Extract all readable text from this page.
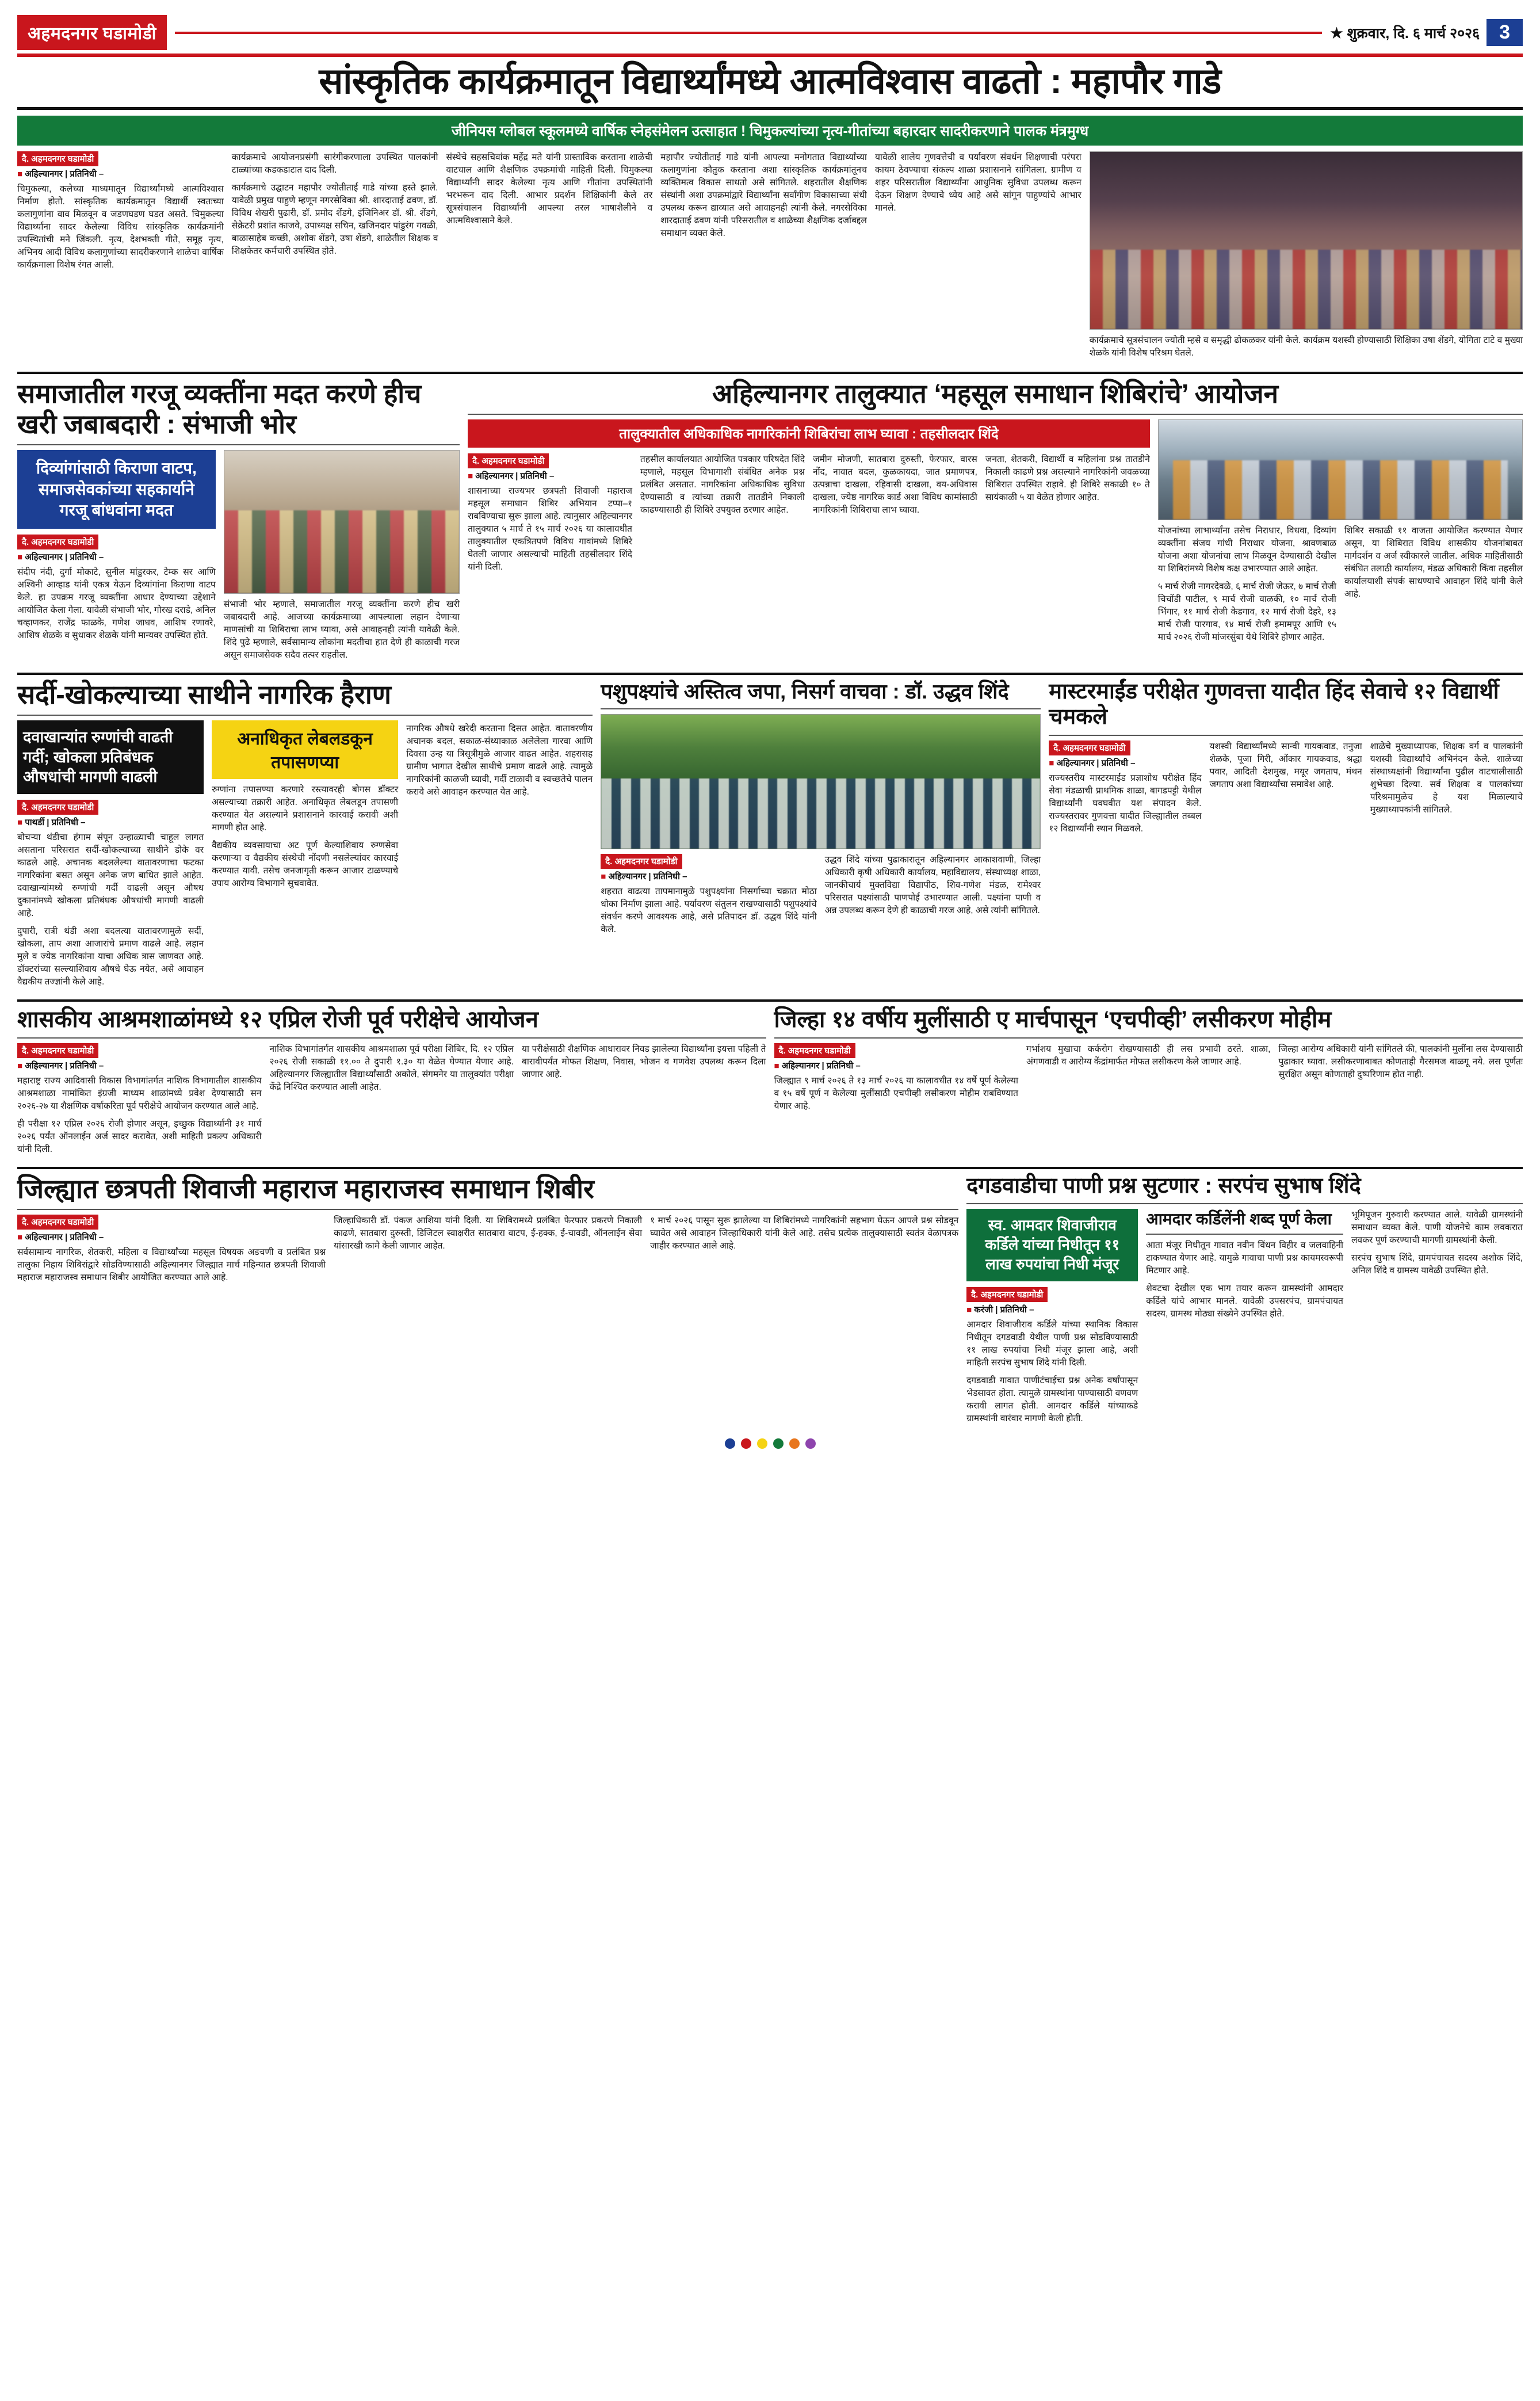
अहमदनगर घडामोडी	★ शुक्रवार, दि. ६ मार्च २०२६	3
सांस्कृतिक कार्यक्रमातून विद्यार्थ्यांमध्ये आत्मविश्वास वाढतो : महापौर गाडे
जीनियस ग्लोबल स्कूलमध्ये वार्षिक स्नेहसंमेलन उत्साहात ! चिमुकल्यांच्या नृत्य-गीतांच्या बहारदार सादरीकरणाने पालक मंत्रमुग्ध
दै. अहमदनगर घडामोडी
■ अहिल्यानगर | प्रतिनिधी –

चिमुकल्या, कलेच्या माध्यमातून विद्यार्थ्यांमध्ये आत्मविश्वास निर्माण होतो. सांस्कृतिक कार्यक्रमातून विद्यार्थी स्वतःच्या कलागुणांना वाव मिळवून व जडणघडण घडत असते. चिमुकल्या विद्यार्थ्यांना सादर केलेल्या विविध सांस्कृतिक कार्यक्रमांनी उपस्थितांची मने जिंकली. नृत्य, देशभक्ती गीते, समूह नृत्य, अभिनय आदी विविध कलागुणांच्या सादरीकरणाने शाळेचा वार्षिक कार्यक्रमाला विशेष रंगत आली.

कार्यक्रमाचे आयोजनप्रसंगी सारंगीकरणाला उपस्थित पालकांनी टाळ्यांच्या कडकडाटात दाद दिली.

कार्यक्रमाचे उद्घाटन महापौर ज्योतीताई गाडे यांच्या हस्ते झाले. यावेळी प्रमुख पाहुणे म्हणून नगरसेविका श्री. शारदाताई ढवण, डॉ. विविध शेखरी पुढारी, डॉ. प्रमोद शेंडगे, इंजिनिअर डॉ. श्री. शेंडगे, सेक्रेटरी प्रशांत काजवे, उपाध्यक्ष सचिन, खजिनदार पांडुरंग गवळी, बाळासाहेब कच्छी, अशोक शेंडगे, उषा शेंडगे, शाळेतील शिक्षक व शिक्षकेतर कर्मचारी उपस्थित होते.

संस्थेचे सहसचिवांक महेंद्र मते यांनी प्रास्ताविक करताना शाळेची वाटचाल आणि शैक्षणिक उपक्रमांची माहिती दिली. चिमुकल्या विद्यार्थ्यांनी सादर केलेल्या नृत्य आणि गीतांना उपस्थितांनी भरभरून दाद दिली. आभार प्रदर्शन शिक्षिकांनी केले तर सूत्रसंचालन विद्यार्थ्यांनी आपल्या तरल भाषाशैलीने व आत्मविश्वासाने केले.

महापौर ज्योतीताई गाडे यांनी आपल्या मनोगतात विद्यार्थ्यांच्या कलागुणांना कौतुक करताना अशा सांस्कृतिक कार्यक्रमांतूनच व्यक्तिमत्व विकास साधतो असे सांगितले. शहरातील शैक्षणिक संस्थांनी अशा उपक्रमांद्वारे विद्यार्थ्यांना सर्वांगीण विकासाच्या संधी उपलब्ध करून द्याव्यात असे आवाहनही त्यांनी केले. नगरसेविका शारदाताई ढवण यांनी परिसरातील व शाळेच्या शैक्षणिक दर्जाबद्दल समाधान व्यक्त केले.

यावेळी शालेय गुणवत्तेची व पर्यावरण संवर्धन शिक्षणाची परंपरा कायम ठेवण्याचा संकल्प शाळा प्रशासनाने सांगितला. ग्रामीण व शहर परिसरातील विद्यार्थ्यांना आधुनिक सुविधा उपलब्ध करून देऊन शिक्षण देण्याचे ध्येय आहे असे सांगून पाहुण्यांचे आभार मानले.

कार्यक्रमाचे सूत्रसंचालन ज्योती म्हसे व समृद्धी ढोकळकर यांनी केले. कार्यक्रम यशस्वी होण्यासाठी शिक्षिका उषा शेंडगे, योगिता टाटे व मुख्या शेळके यांनी विशेष परिश्रम घेतले.

समाजातील गरजू व्यक्तींना मदत करणे हीच खरी जबाबदारी : संभाजी भोर
दिव्यांगांसाठी किराणा वाटप, समाजसेवकांच्या सहकार्याने गरजू बांधवांना मदत
दै. अहमदनगर घडामोडी
■ अहिल्यानगर | प्रतिनिधी –

संदीप नंदी, दुर्गा मोकाटे, सुनील मांडुरकर, टेम्क सर आणि अश्विनी आव्हाड यांनी एकत्र येऊन दिव्यांगांना किराणा वाटप केले. हा उपक्रम गरजू व्यक्तींना आधार देण्याच्या उद्देशाने आयोजित केला गेला. यावेळी संभाजी भोर, गोरख दराडे, अनिल चव्हाणकर, राजेंद्र फाळके, गणेश जाधव, आशिष रणावरे, आशिष शेळके व सुधाकर शेळके यांनी मान्यवर उपस्थित होते.

संभाजी भोर म्हणाले, समाजातील गरजू व्यक्तींना करणे हीच खरी जबाबदारी आहे. आजच्या कार्यक्रमाच्या आपल्याला लहान देणाऱ्या माणसांची या शिबिराचा लाभ घ्यावा, असे आवाहनही त्यांनी यावेळी केले. शिंदे पुढे म्हणाले, सर्वसामान्य लोकांना मदतीचा हात देणे ही काळाची गरज असून समाजसेवक सदैव तत्पर राहतील.

अहिल्यानगर तालुक्यात ‘महसूल समाधान शिबिरांचे’ आयोजन
तालुक्यातील अधिकाधिक नागरिकांनी शिबिरांचा लाभ घ्यावा : तहसीलदार शिंदे
दै. अहमदनगर घडामोडी
■ अहिल्यानगर | प्रतिनिधी –

शासनाच्या राज्यभर छत्रपती शिवाजी महाराज महसूल समाधान शिबिर अभियान टप्पा–१ राबविण्याचा सुरू झाला आहे. त्यानुसार अहिल्यानगर तालुक्यात ५ मार्च ते १५ मार्च २०२६ या कालावधीत तालुक्यातील एकत्रितपणे विविध गावांमध्ये शिबिरे घेतली जाणार असल्याची माहिती तहसीलदार शिंदे यांनी दिली.

तहसील कार्यालयात आयोजित पत्रकार परिषदेत शिंदे म्हणाले, महसूल विभागाशी संबंधित अनेक प्रश्न प्रलंबित असतात. नागरिकांना अधिकाधिक सुविधा देण्यासाठी व त्यांच्या तक्रारी तातडीने निकाली काढण्यासाठी ही शिबिरे उपयुक्त ठरणार आहेत.

जमीन मोजणी, सातबारा दुरुस्ती, फेरफार, वारस नोंद, नावात बदल, कुळकायदा, जात प्रमाणपत्र, उत्पन्नाचा दाखला, रहिवासी दाखला, वय-अधिवास दाखला, ज्येष्ठ नागरिक कार्ड अशा विविध कामांसाठी नागरिकांनी शिबिराचा लाभ घ्यावा.

जनता, शेतकरी, विद्यार्थी व महिलांना प्रश्न तातडीने निकाली काढणे प्रश्न असल्याने नागरिकांनी जवळच्या शिबिरात उपस्थित राहावे. ही शिबिरे सकाळी १० ते सायंकाळी ५ या वेळेत होणार आहेत.

योजनांच्या लाभार्थ्यांना तसेच निराधार, विधवा, दिव्यांग व्यक्तींना संजय गांधी निराधार योजना, श्रावणबाळ योजना अशा योजनांचा लाभ मिळवून देण्यासाठी देखील या शिबिरांमध्ये विशेष कक्ष उभारण्यात आले आहेत.

५ मार्च रोजी नागरदेवळे, ६ मार्च रोजी जेऊर, ७ मार्च रोजी चिचोंडी पाटील, ९ मार्च रोजी वाळकी, १० मार्च रोजी भिंगार, ११ मार्च रोजी केडगाव, १२ मार्च रोजी देहरे, १३ मार्च रोजी पारगाव, १४ मार्च रोजी इमामपूर आणि १५ मार्च २०२६ रोजी मांजरसुंबा येथे शिबिरे होणार आहेत.

शिबिर सकाळी ११ वाजता आयोजित करण्यात येणार असून, या शिबिरात विविध शासकीय योजनांबाबत मार्गदर्शन व अर्ज स्वीकारले जातील. अधिक माहितीसाठी संबंधित तलाठी कार्यालय, मंडळ अधिकारी किंवा तहसील कार्यालयाशी संपर्क साधण्याचे आवाहन शिंदे यांनी केले आहे.

सर्दी-खोकल्याच्या साथीने नागरिक हैराण
दवाखान्यांत रुग्णांची वाढती गर्दी; खोकला प्रतिबंधक औषधांची मागणी वाढली
दै. अहमदनगर घडामोडी
■ पाथर्डी | प्रतिनिधी –

बोचऱ्या थंडीचा हंगाम संपून उन्हाळ्याची चाहूल लागत असताना परिसरात सर्दी-खोकल्याच्या साथीने डोके वर काढले आहे. अचानक बदललेल्या वातावरणाचा फटका नागरिकांना बसत असून अनेक जण बाधित झाले आहेत. दवाखान्यांमध्ये रुग्णांची गर्दी वाढली असून औषध दुकानांमध्ये खोकला प्रतिबंधक औषधांची मागणी वाढली आहे.

दुपारी, रात्री थंडी अशा बदलत्या वातावरणामुळे सर्दी, खोकला, ताप अशा आजारांचे प्रमाण वाढले आहे. लहान मुले व ज्येष्ठ नागरिकांना याचा अधिक त्रास जाणवत आहे. डॉक्टरांच्या सल्ल्याशिवाय औषधे घेऊ नयेत, असे आवाहन वैद्यकीय तज्ज्ञांनी केले आहे.

अनाधिकृत लेबलडकून तपासणप्या

रुग्णांना तपासण्या करणारे रस्त्यावरही बोगस डॉक्टर असल्याच्या तक्रारी आहेत. अनाधिकृत लेबलडून तपासणी करण्यात येत असल्याने प्रशासनाने कारवाई करावी अशी मागणी होत आहे.

वैद्यकीय व्यवसायाचा अट पूर्ण केल्याशिवाय रुग्णसेवा करणाऱ्या व वैद्यकीय संस्थेची नोंदणी नसलेल्यांवर कारवाई करण्यात यावी. तसेच जनजागृती करून आजार टाळण्याचे उपाय आरोग्य विभागाने सुचवावेत.

नागरिक औषधे खरेदी करताना दिसत आहेत. वातावरणीय अचानक बदल, सकाळ-संध्याकाळ अलेलेला गारवा आणि दिवसा उन्ह या त्रिसूत्रीमुळे आजार वाढत आहेत. शहरासह ग्रामीण भागात देखील साथीचे प्रमाण वाढले आहे. त्यामुळे नागरिकांनी काळजी घ्यावी, गर्दी टाळावी व स्वच्छतेचे पालन करावे असे आवाहन करण्यात येत आहे.

पशुपक्ष्यांचे अस्तित्व जपा, निसर्ग वाचवा : डॉ. उद्धव शिंदे
दै. अहमदनगर घडामोडी
■ अहिल्यानगर | प्रतिनिधी –

शहरात वाढत्या तापमानामुळे पशुपक्ष्यांना निसर्गाच्या चक्रात मोठा धोका निर्माण झाला आहे. पर्यावरण संतुलन राखण्यासाठी पशुपक्ष्यांचे संवर्धन करणे आवश्यक आहे, असे प्रतिपादन डॉ. उद्धव शिंदे यांनी केले.

उद्धव शिंदे यांच्या पुढाकारातून अहिल्यानगर आकाशवाणी, जिल्हा अधिकारी कृषी अधिकारी कार्यालय, महाविद्यालय, संस्थाध्यक्ष शाळा, जानकीचार्य मुक्तविद्या विद्यापीठ, शिव-गणेश मंडळ, रामेश्वर परिसरात पक्ष्यांसाठी पाणपोई उभारण्यात आली. पक्ष्यांना पाणी व अन्न उपलब्ध करून देणे ही काळाची गरज आहे, असे त्यांनी सांगितले.

मास्टरमाईंड परीक्षेत गुणवत्ता यादीत हिंद सेवाचे १२ विद्यार्थी चमकले
दै. अहमदनगर घडामोडी
■ अहिल्यानगर | प्रतिनिधी –

राज्यस्तरीय मास्टरमाईंड प्रज्ञाशोध परीक्षेत हिंद सेवा मंडळाची प्राथमिक शाळा, बागडपट्टी येथील विद्यार्थ्यांनी घवघवीत यश संपादन केले. राज्यस्तरावर गुणवत्ता यादीत जिल्ह्यातील तब्बल १२ विद्यार्थ्यांनी स्थान मिळवले.

यशस्वी विद्यार्थ्यांमध्ये सान्वी गायकवाड, तनुजा शेळके, पूजा गिरी, ओंकार गायकवाड, श्रद्धा पवार, आदिती देशमुख, मयूर जगताप, मंथन जगताप अशा विद्यार्थ्यांचा समावेश आहे.

शाळेचे मुख्याध्यापक, शिक्षक वर्ग व पालकांनी यशस्वी विद्यार्थ्यांचे अभिनंदन केले. शाळेच्या संस्थाध्यक्षांनी विद्यार्थ्यांना पुढील वाटचालीसाठी शुभेच्छा दिल्या. सर्व शिक्षक व पालकांच्या परिश्रमामुळेच हे यश मिळाल्याचे मुख्याध्यापकांनी सांगितले.

शासकीय आश्रमशाळांमध्ये १२ एप्रिल रोजी पूर्व परीक्षेचे आयोजन
दै. अहमदनगर घडामोडी
■ अहिल्यानगर | प्रतिनिधी –

महाराष्ट्र राज्य आदिवासी विकास विभागांतर्गत नाशिक विभागातील शासकीय आश्रमशाळा नामांकित इंग्रजी माध्यम शाळांमध्ये प्रवेश देण्यासाठी सन २०२६-२७ या शैक्षणिक वर्षाकरिता पूर्व परीक्षेचे आयोजन करण्यात आले आहे.

ही परीक्षा १२ एप्रिल २०२६ रोजी होणार असून, इच्छुक विद्यार्थ्यांनी ३१ मार्च २०२६ पर्यंत ऑनलाईन अर्ज सादर करावेत, अशी माहिती प्रकल्प अधिकारी यांनी दिली.

नाशिक विभागांतर्गत शासकीय आश्रमशाळा पूर्व परीक्षा शिबिर, दि. १२ एप्रिल २०२६ रोजी सकाळी ११.०० ते दुपारी १.३० या वेळेत घेण्यात येणार आहे. अहिल्यानगर जिल्ह्यातील विद्यार्थ्यांसाठी अकोले, संगमनेर या तालुक्यांत परीक्षा केंद्रे निश्चित करण्यात आली आहेत.

या परीक्षेसाठी शैक्षणिक आधारावर निवड झालेल्या विद्यार्थ्यांना इयत्ता पहिली ते बारावीपर्यंत मोफत शिक्षण, निवास, भोजन व गणवेश उपलब्ध करून दिला जाणार आहे.

जिल्हा १४ वर्षीय मुलींसाठी ए मार्चपासून ‘एचपीव्ही’ लसीकरण मोहीम
दै. अहमदनगर घडामोडी
■ अहिल्यानगर | प्रतिनिधी –

जिल्ह्यात ९ मार्च २०२६ ते १३ मार्च २०२६ या कालावधीत १४ वर्षे पूर्ण केलेल्या व १५ वर्षे पूर्ण न केलेल्या मुलींसाठी एचपीव्ही लसीकरण मोहीम राबविण्यात येणार आहे.

गर्भाशय मुखाचा कर्करोग रोखण्यासाठी ही लस प्रभावी ठरते. शाळा, अंगणवाडी व आरोग्य केंद्रांमार्फत मोफत लसीकरण केले जाणार आहे.

जिल्हा आरोग्य अधिकारी यांनी सांगितले की, पालकांनी मुलींना लस देण्यासाठी पुढाकार घ्यावा. लसीकरणाबाबत कोणताही गैरसमज बाळगू नये. लस पूर्णतः सुरक्षित असून कोणताही दुष्परिणाम होत नाही.

जिल्ह्यात छत्रपती शिवाजी महाराज महाराजस्व समाधान शिबीर
दै. अहमदनगर घडामोडी
■ अहिल्यानगर | प्रतिनिधी –

सर्वसामान्य नागरिक, शेतकरी, महिला व विद्यार्थ्यांच्या महसूल विषयक अडचणी व प्रलंबित प्रश्न तालुका निहाय शिबिरांद्वारे सोडविण्यासाठी अहिल्यानगर जिल्ह्यात मार्च महिन्यात छत्रपती शिवाजी महाराज महाराजस्व समाधान शिबीर आयोजित करण्यात आले आहे.

जिल्हाधिकारी डॉ. पंकज आशिया यांनी दिली. या शिबिरामध्ये प्रलंबित फेरफार प्रकरणे निकाली काढणे, सातबारा दुरुस्ती, डिजिटल स्वाक्षरीत सातबारा वाटप, ई-हक्क, ई-चावडी, ऑनलाईन सेवा यांसारखी कामे केली जाणार आहेत.

१ मार्च २०२६ पासून सुरू झालेल्या या शिबिरांमध्ये नागरिकांनी सहभाग घेऊन आपले प्रश्न सोडवून घ्यावेत असे आवाहन जिल्हाधिकारी यांनी केले आहे. तसेच प्रत्येक तालुक्यासाठी स्वतंत्र वेळापत्रक जाहीर करण्यात आले आहे.

दगडवाडीचा पाणी प्रश्न सुटणार : सरपंच सुभाष शिंदे
स्व. आमदार शिवाजीराव कर्डिले यांच्या निधीतून ११ लाख रुपयांचा निधी मंजूर
दै. अहमदनगर घडामोडी
■ करंजी | प्रतिनिधी –

आमदार शिवाजीराव कर्डिले यांच्या स्थानिक विकास निधीतून दगडवाडी येथील पाणी प्रश्न सोडविण्यासाठी ११ लाख रुपयांचा निधी मंजूर झाला आहे, अशी माहिती सरपंच सुभाष शिंदे यांनी दिली.

दगडवाडी गावात पाणीटंचाईचा प्रश्न अनेक वर्षांपासून भेडसावत होता. त्यामुळे ग्रामस्थांना पाण्यासाठी वणवण करावी लागत होती. आमदार कर्डिले यांच्याकडे ग्रामस्थांनी वारंवार मागणी केली होती.

आमदार कर्डिलेंनी शब्द पूर्ण केला

आता मंजूर निधीतून गावात नवीन विंधन विहीर व जलवाहिनी टाकण्यात येणार आहे. यामुळे गावाचा पाणी प्रश्न कायमस्वरूपी मिटणार आहे.

शेवटचा देखील एक भाग तयार करून ग्रामस्थांनी आमदार कर्डिले यांचे आभार मानले. यावेळी उपसरपंच, ग्रामपंचायत सदस्य, ग्रामस्थ मोठ्या संख्येने उपस्थित होते.

भूमिपूजन गुरुवारी करण्यात आले. यावेळी ग्रामस्थांनी समाधान व्यक्त केले. पाणी योजनेचे काम लवकरात लवकर पूर्ण करण्याची मागणी ग्रामस्थांनी केली.

सरपंच सुभाष शिंदे, ग्रामपंचायत सदस्य अशोक शिंदे, अनिल शिंदे व ग्रामस्थ यावेळी उपस्थित होते.
